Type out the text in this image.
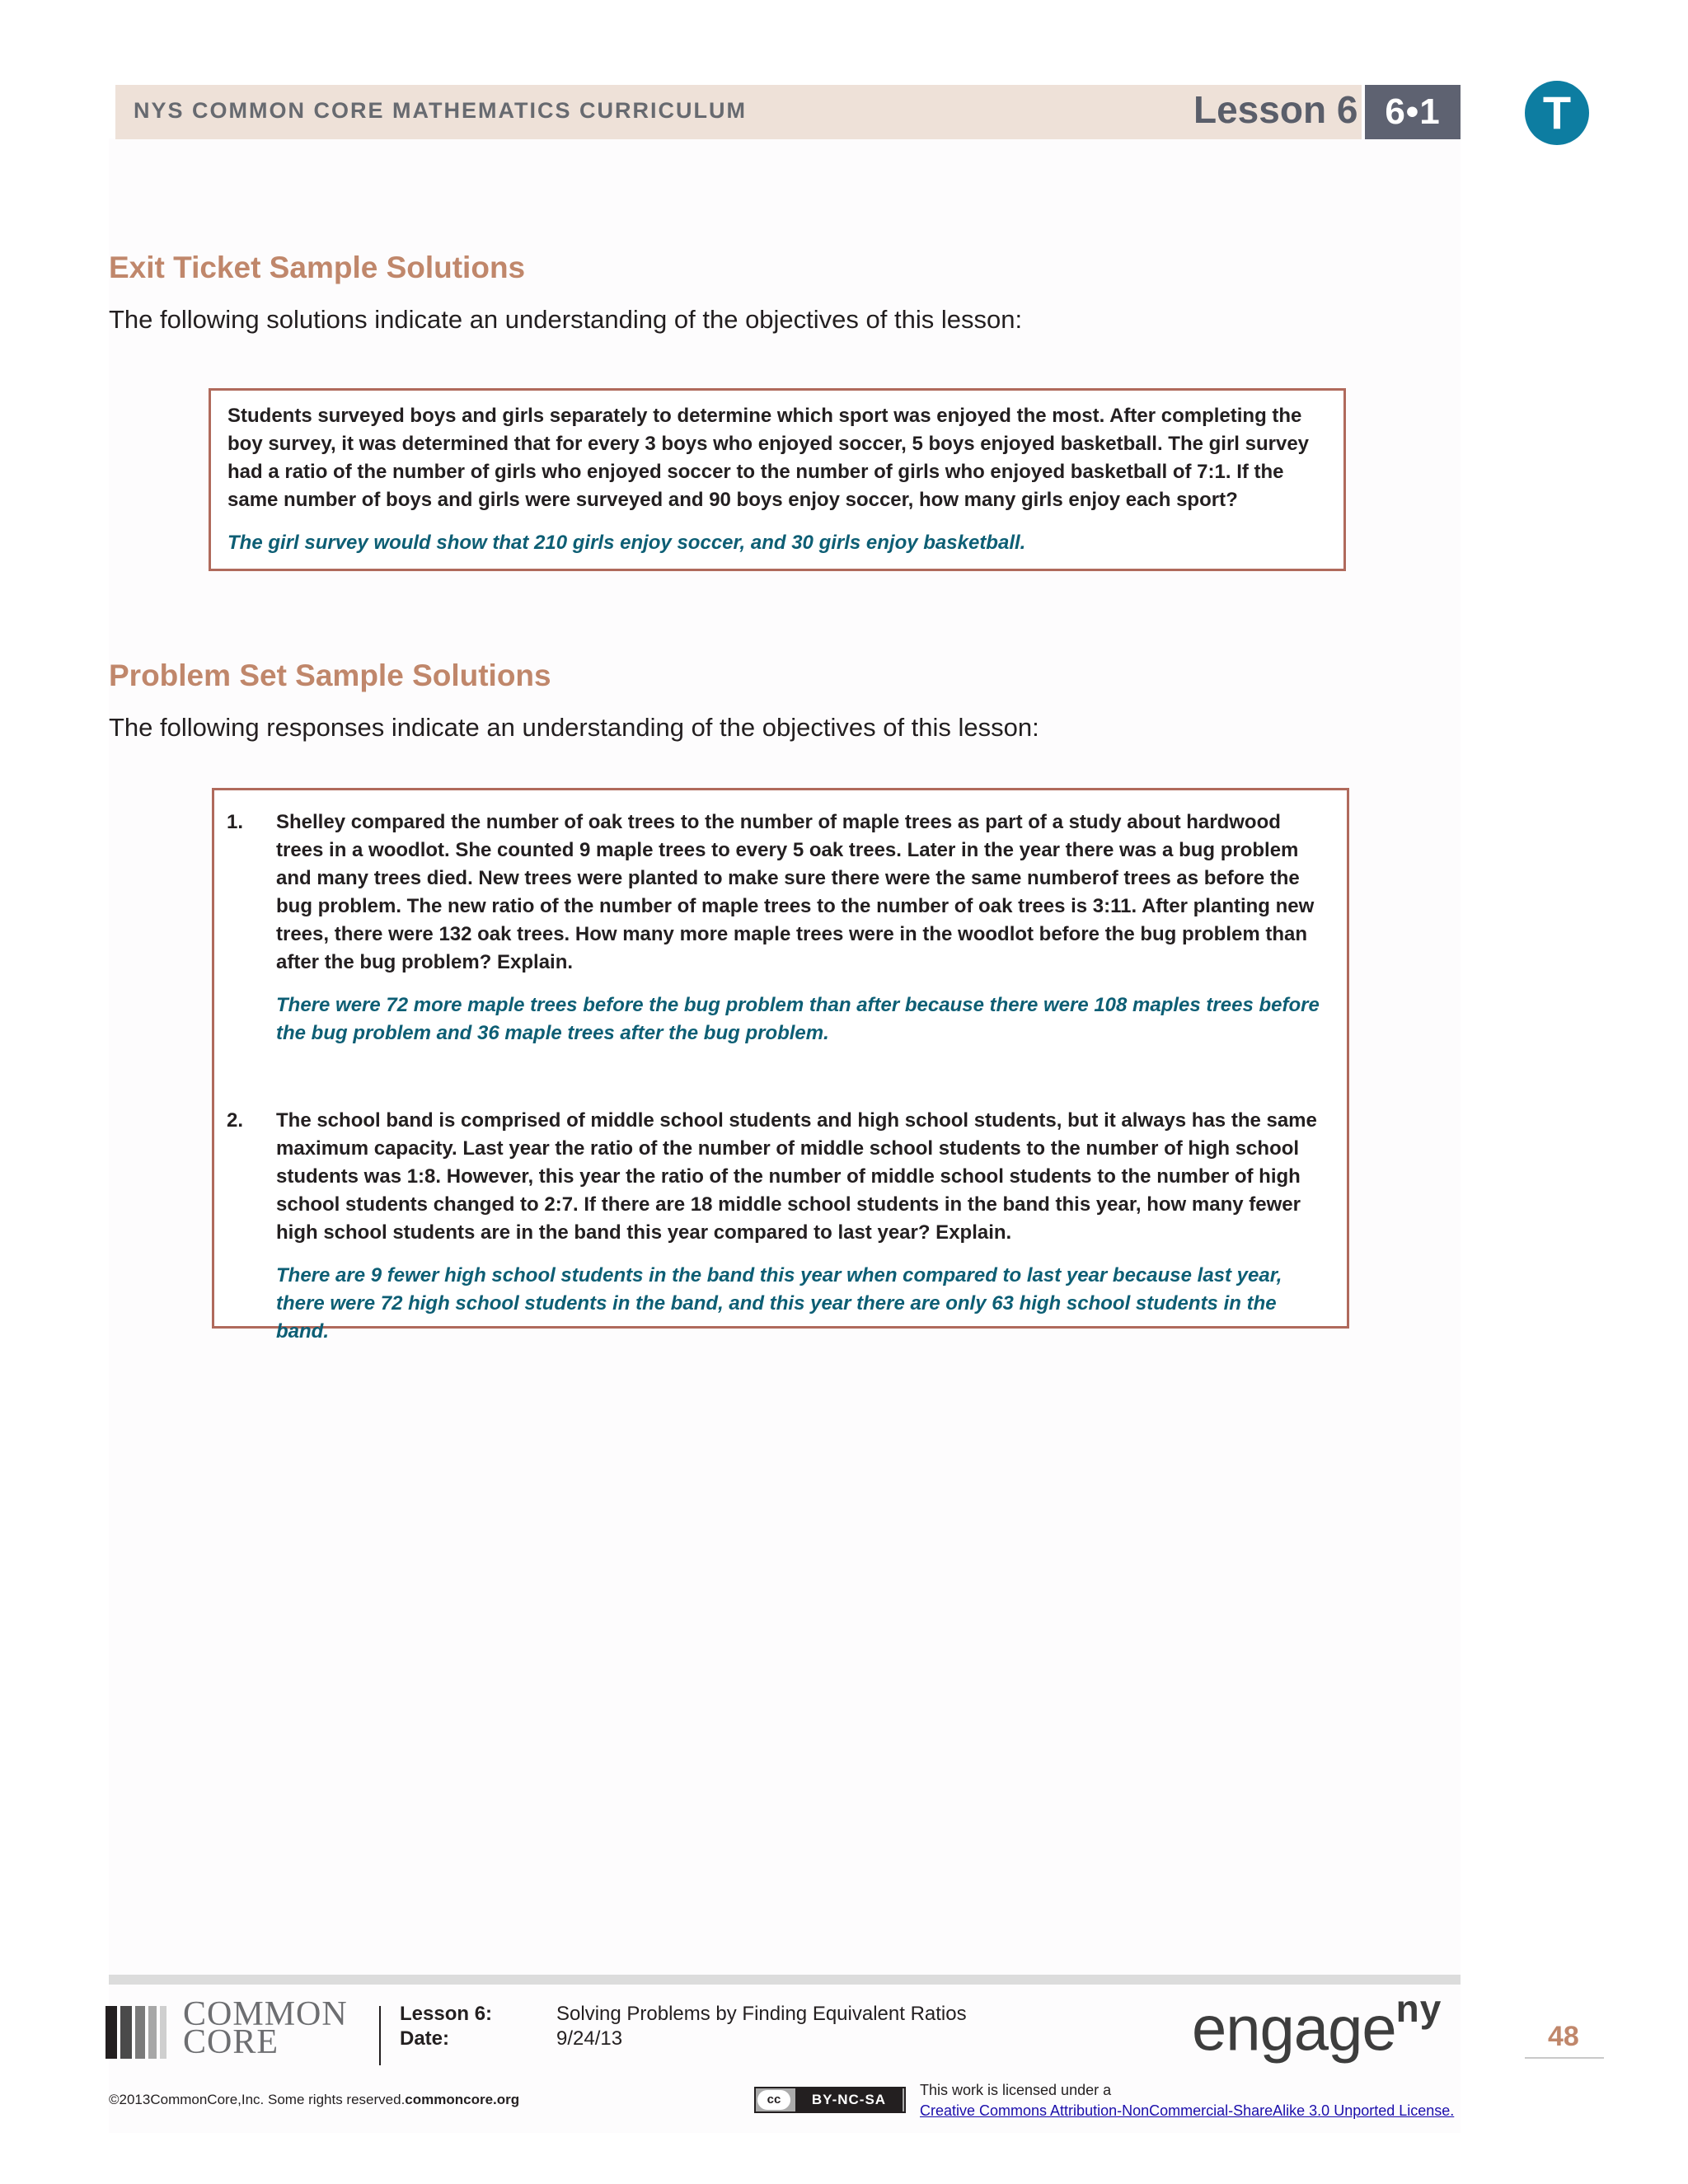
NYS COMMON CORE MATHEMATICS CURRICULUM	Lesson 6 6•1	T
Exit Ticket Sample Solutions
The following solutions indicate an understanding of the objectives of this lesson:
Students surveyed boys and girls separately to determine which sport was enjoyed the most. After completing the boy survey, it was determined that for every 3 boys who enjoyed soccer, 5 boys enjoyed basketball. The girl survey had a ratio of the number of girls who enjoyed soccer to the number of girls who enjoyed basketball of 7:1. If the same number of boys and girls were surveyed and 90 boys enjoy soccer, how many girls enjoy each sport?
The girl survey would show that 210 girls enjoy soccer, and 30 girls enjoy basketball.
Problem Set Sample Solutions
The following responses indicate an understanding of the objectives of this lesson:
1. Shelley compared the number of oak trees to the number of maple trees as part of a study about hardwood trees in a woodlot. She counted 9 maple trees to every 5 oak trees. Later in the year there was a bug problem and many trees died. New trees were planted to make sure there were the same numberof trees as before the bug problem. The new ratio of the number of maple trees to the number of oak trees is 3:11. After planting new trees, there were 132 oak trees. How many more maple trees were in the woodlot before the bug problem than after the bug problem? Explain.
There were 72 more maple trees before the bug problem than after because there were 108 maples trees before the bug problem and 36 maple trees after the bug problem.
2. The school band is comprised of middle school students and high school students, but it always has the same maximum capacity. Last year the ratio of the number of middle school students to the number of high school students was 1:8. However, this year the ratio of the number of middle school students to the number of high school students changed to 2:7. If there are 18 middle school students in the band this year, how many fewer high school students are in the band this year compared to last year? Explain.
There are 9 fewer high school students in the band this year when compared to last year because last year, there were 72 high school students in the band, and this year there are only 63 high school students in the band.
COMMON
CORE
Lesson 6:	Solving Problems by Finding Equivalent Ratios
Date:	9/24/13	engage$^{ny}$
48
©2013CommonCore,Inc. Some rights reserved.commoncore.org	cc	BY-NC-SA
This work is licensed under a
Creative Commons Attribution-NonCommercial-ShareAlike 3.0 Unported License.
